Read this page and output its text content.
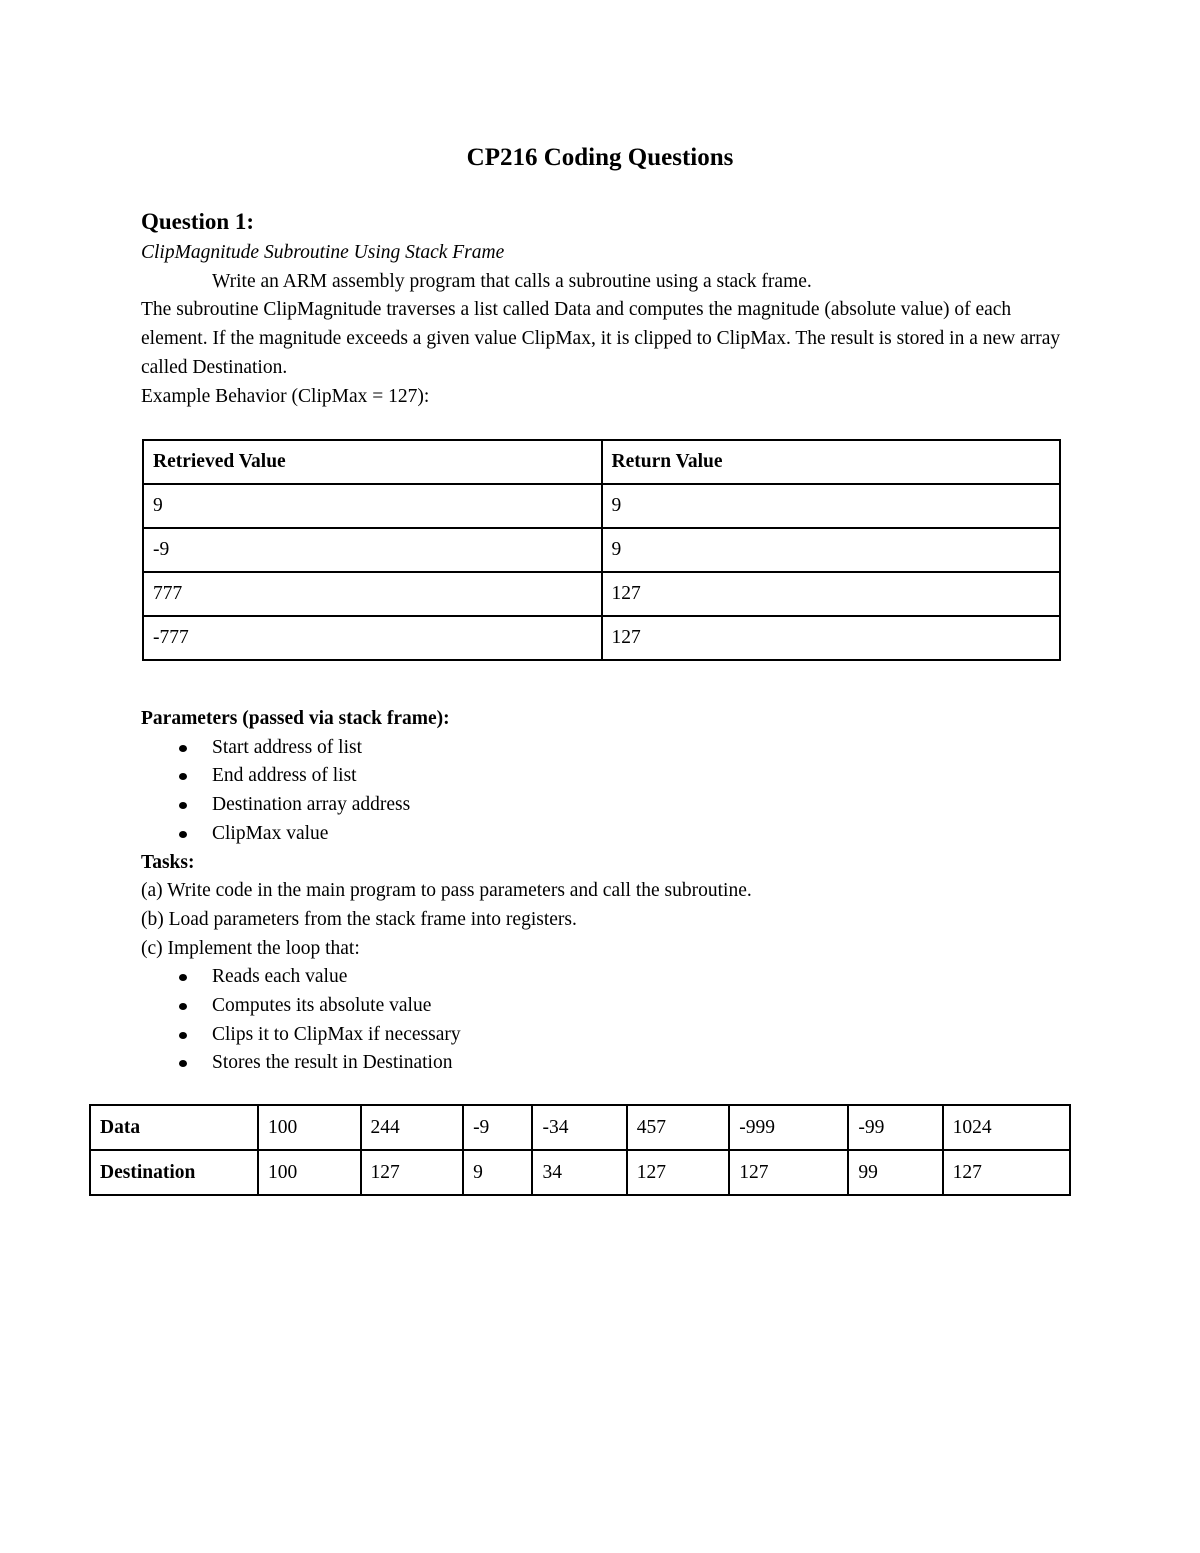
CP216 Coding Questions
Question 1:

ClipMagnitude Subroutine Using Stack Frame

Write an ARM assembly program that calls a subroutine using a stack frame.

The subroutine ClipMagnitude traverses a list called Data and computes the magnitude (absolute value) of each element. If the magnitude exceeds a given value ClipMax, it is clipped to ClipMax. The result is stored in a new array called Destination.

Example Behavior (ClipMax = 127):

Retrieved Value	Return Value
9	9
-9	9
777	127
-777	127

Parameters (passed via stack frame):

Start address of list
End address of list
Destination array address
ClipMax value

Tasks:

(a) Write code in the main program to pass parameters and call the subroutine.

(b) Load parameters from the stack frame into registers.

(c) Implement the loop that:

Reads each value
Computes its absolute value
Clips it to ClipMax if necessary
Stores the result in Destination
Data	100	244	-9	-34	457	-999	-99	1024
Destination	100	127	9	34	127	127	99	127
